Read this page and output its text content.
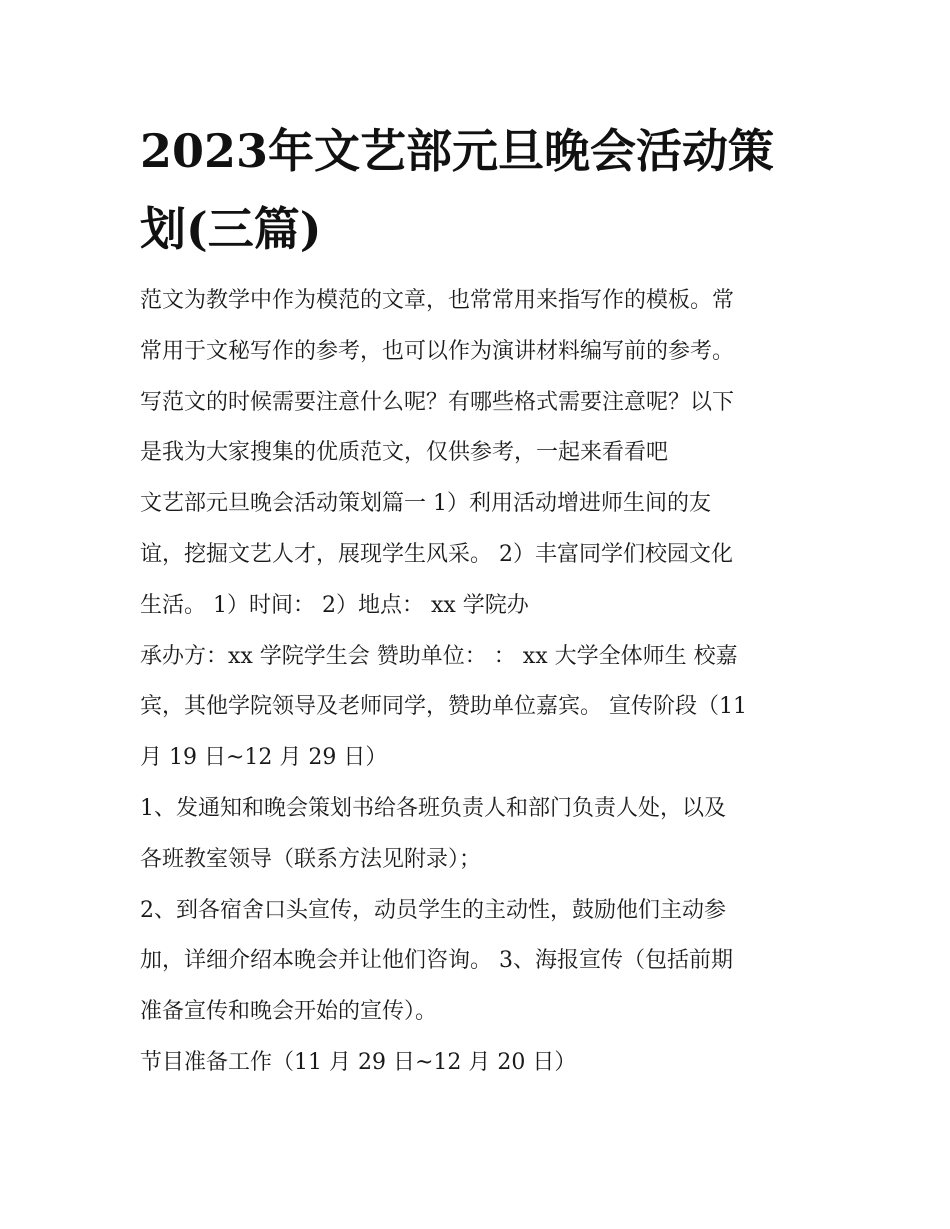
2023年文艺部元旦晚会活动策
划(三篇)
范文为教学中作为模范的文章，也常常用来指写作的模板。常
常用于文秘写作的参考，也可以作为演讲材料编写前的参考。
写范文的时候需要注意什么呢？有哪些格式需要注意呢？以下
是我为大家搜集的优质范文，仅供参考，一起来看看吧
文艺部元旦晚会活动策划篇一 1）利用活动增进师生间的友
谊，挖掘文艺人才，展现学生风采。 2）丰富同学们校园文化
生活。 1）时间： 2）地点： xx 学院办
承办方：xx 学院学生会 赞助单位： ： xx 大学全体师生 校嘉
宾，其他学院领导及老师同学，赞助单位嘉宾。 宣传阶段（11
月 19 日~12 月 29 日）
1、发通知和晚会策划书给各班负责人和部门负责人处，以及
各班教室领导（联系方法见附录）；
2、到各宿舍口头宣传，动员学生的主动性，鼓励他们主动参
加，详细介绍本晚会并让他们咨询。 3、海报宣传（包括前期
准备宣传和晚会开始的宣传）。
节目准备工作（11 月 29 日~12 月 20 日）
